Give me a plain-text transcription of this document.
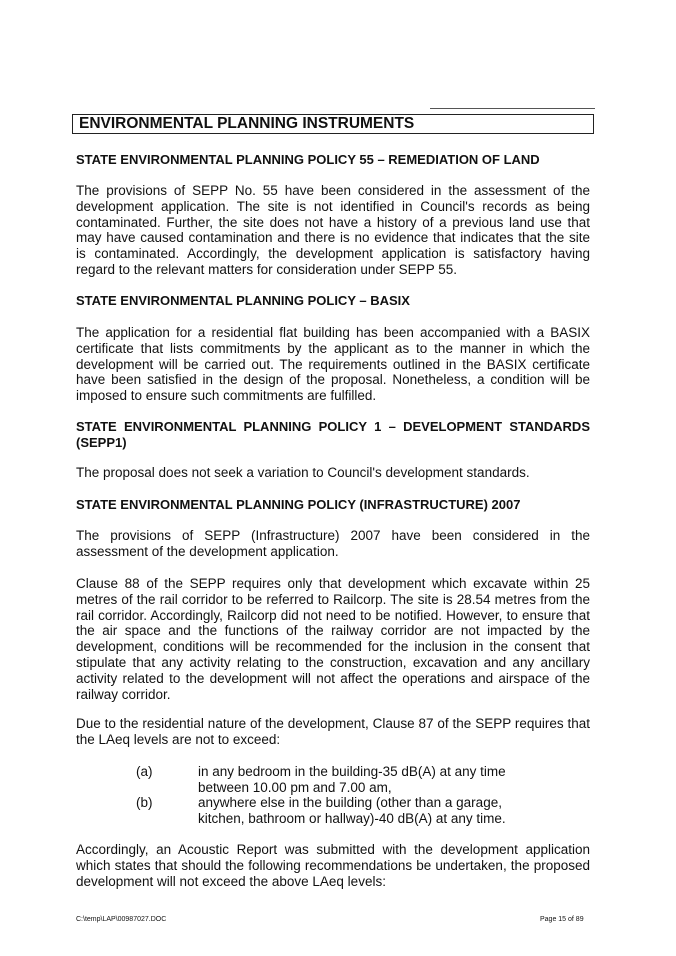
ENVIRONMENTAL PLANNING INSTRUMENTS
STATE ENVIRONMENTAL PLANNING POLICY 55 – REMEDIATION OF LAND
The provisions of SEPP No. 55 have been considered in the assessment of the development application. The site is not identified in Council's records as being contaminated. Further, the site does not have a history of a previous land use that may have caused contamination and there is no evidence that indicates that the site is contaminated. Accordingly, the development application is satisfactory having regard to the relevant matters for consideration under SEPP 55.
STATE ENVIRONMENTAL PLANNING POLICY – BASIX
The application for a residential flat building has been accompanied with a BASIX certificate that lists commitments by the applicant as to the manner in which the development will be carried out. The requirements outlined in the BASIX certificate have been satisfied in the design of the proposal. Nonetheless, a condition will be imposed to ensure such commitments are fulfilled.
STATE ENVIRONMENTAL PLANNING POLICY 1 – DEVELOPMENT STANDARDS (SEPP1)
The proposal does not seek a variation to Council's development standards.
STATE ENVIRONMENTAL PLANNING POLICY (INFRASTRUCTURE) 2007
The provisions of SEPP (Infrastructure) 2007 have been considered in the assessment of the development application.
Clause 88 of the SEPP requires only that development which excavate within 25 metres of the rail corridor to be referred to Railcorp. The site is 28.54 metres from the rail corridor. Accordingly, Railcorp did not need to be notified. However, to ensure that the air space and the functions of the railway corridor are not impacted by the development, conditions will be recommended for the inclusion in the consent that stipulate that any activity relating to the construction, excavation and any ancillary activity related to the development will not affect the operations and airspace of the railway corridor.
Due to the residential nature of the development, Clause 87 of the SEPP requires that the LAeq levels are not to exceed:
(a)	in any bedroom in the building-35 dB(A) at any time between 10.00 pm and 7.00 am,
(b)	anywhere else in the building (other than a garage, kitchen, bathroom or hallway)-40 dB(A) at any time.
Accordingly, an Acoustic Report was submitted with the development application which states that should the following recommendations be undertaken, the proposed development will not exceed the above LAeq levels:
C:\temp\LAP\00987027.DOC	Page 15 of 89
